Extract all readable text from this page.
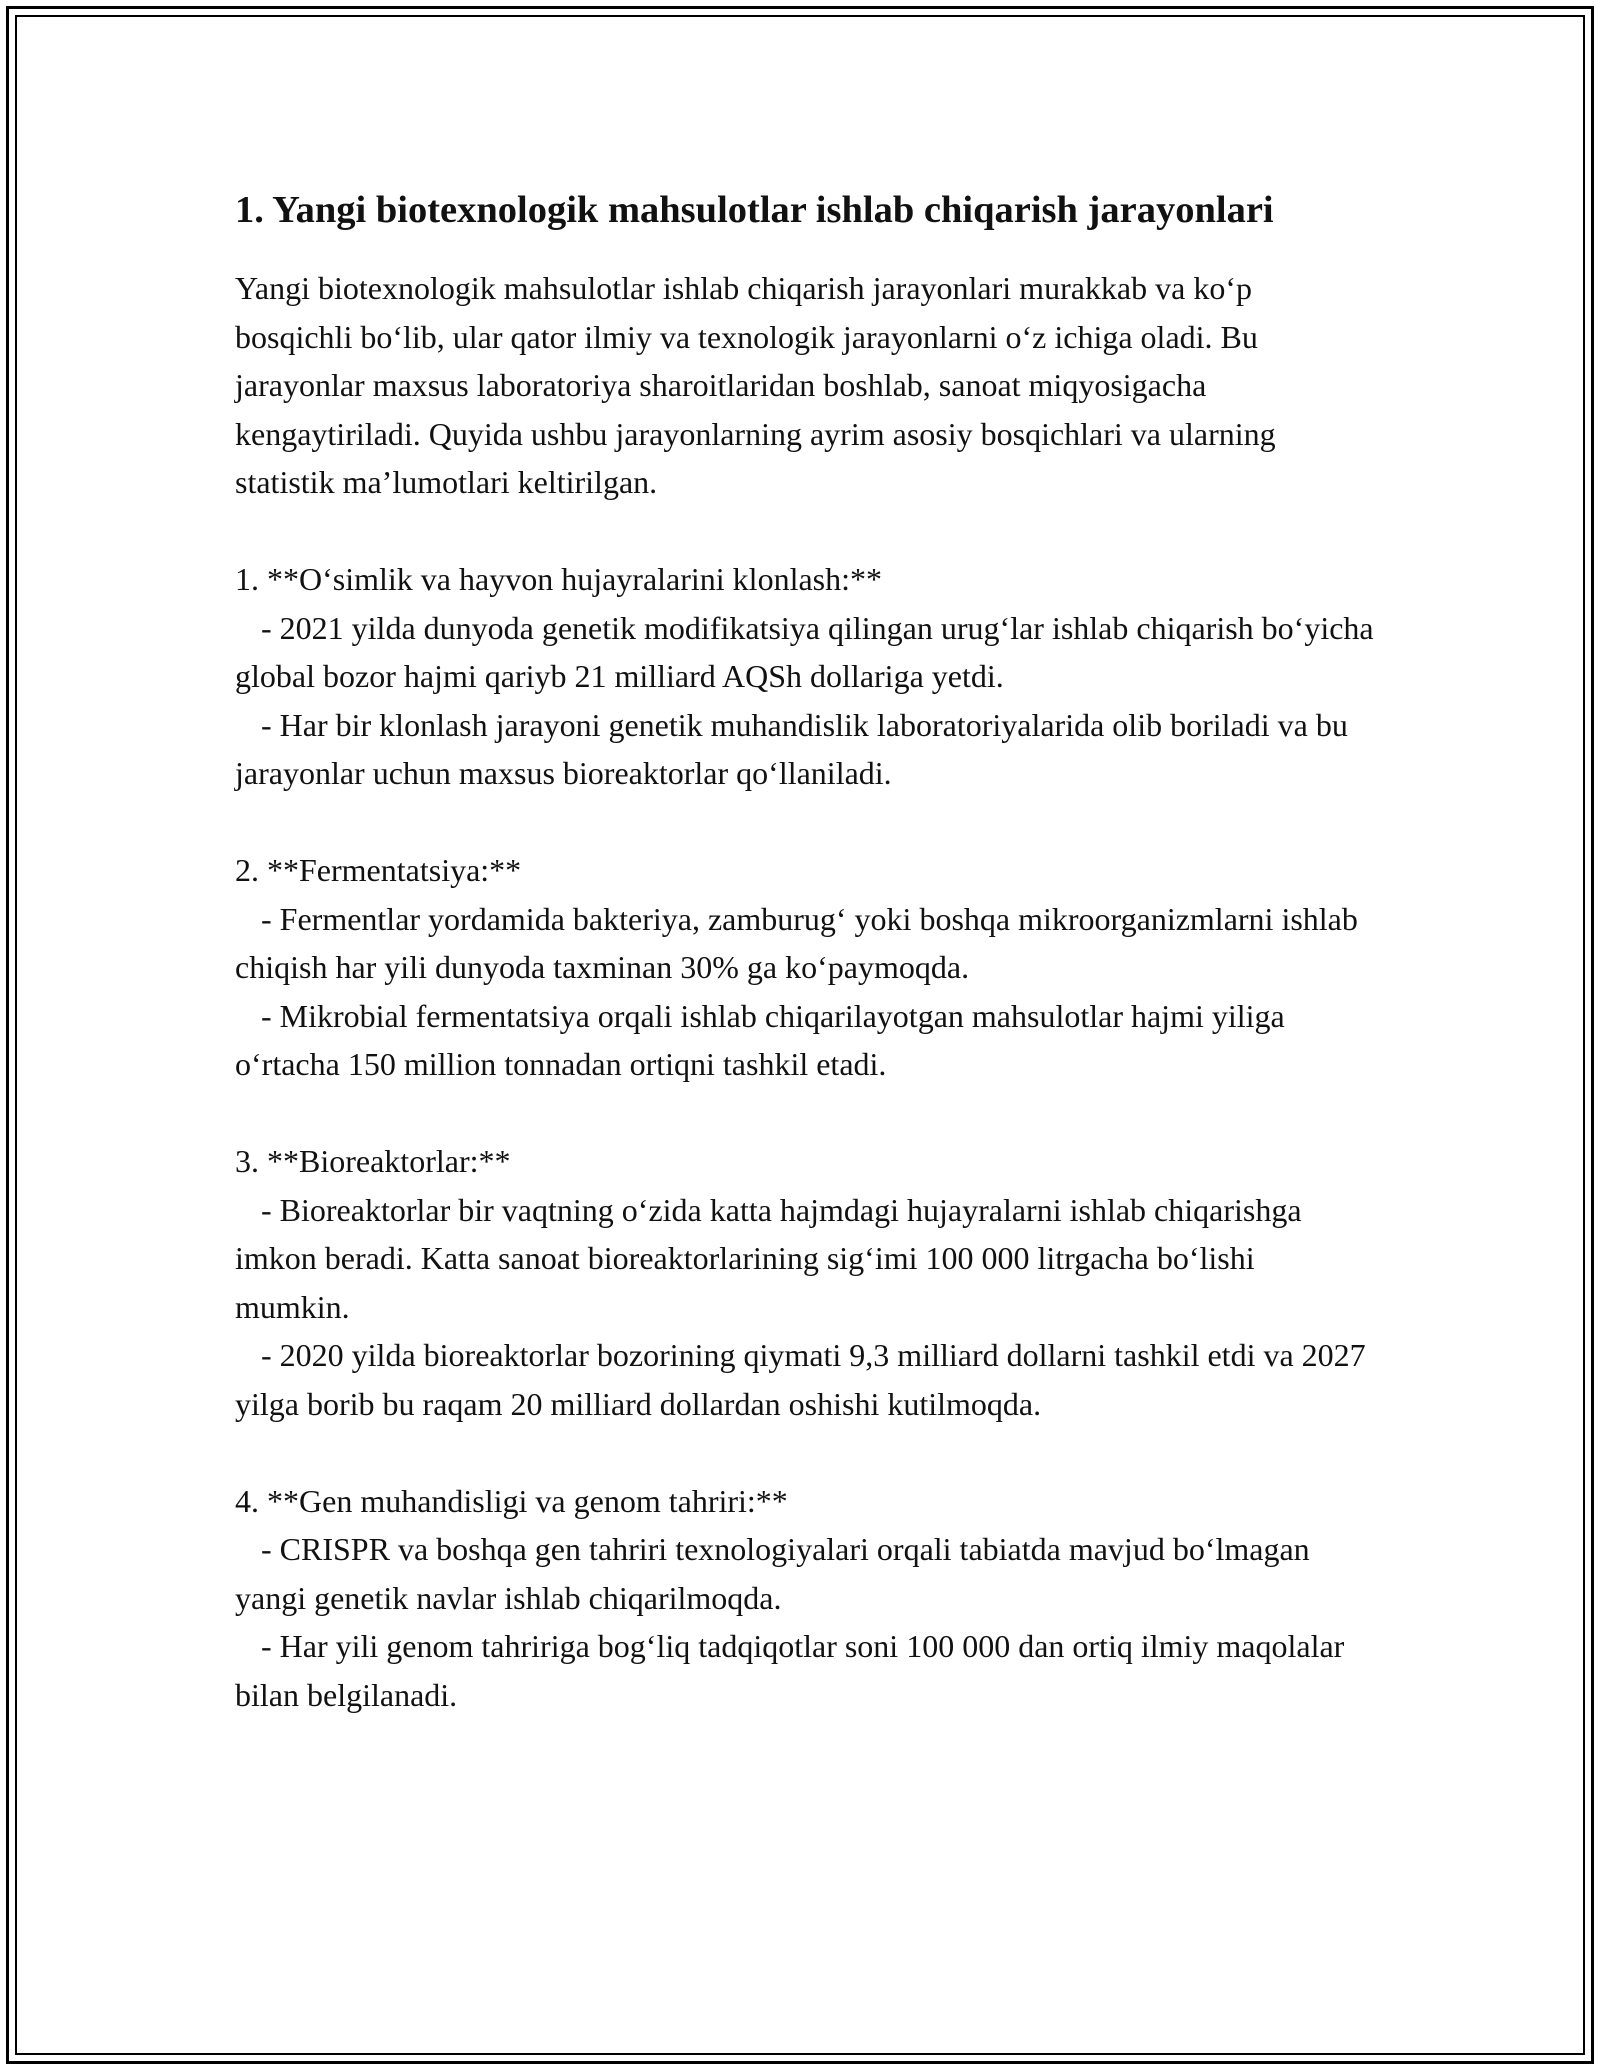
1. Yangi biotexnologik mahsulotlar ishlab chiqarish jarayonlari

Yangi biotexnologik mahsulotlar ishlab chiqarish jarayonlari murakkab va koʻp bosqichli boʻlib, ular qator ilmiy va texnologik jarayonlarni oʻz ichiga oladi. Bu jarayonlar maxsus laboratoriya sharoitlaridan boshlab, sanoat miqyosigacha kengaytiriladi. Quyida ushbu jarayonlarning ayrim asosiy bosqichlari va ularning statistik ma’lumotlari keltirilgan.

1. **Oʻsimlik va hayvon hujayralarini klonlash:**

- 2021 yilda dunyoda genetik modifikatsiya qilingan urugʻlar ishlab chiqarish boʻyicha global bozor hajmi qariyb 21 milliard AQSh dollariga yetdi.

- Har bir klonlash jarayoni genetik muhandislik laboratoriyalarida olib boriladi va bu jarayonlar uchun maxsus bioreaktorlar qoʻllaniladi.

2. **Fermentatsiya:**

- Fermentlar yordamida bakteriya, zamburugʻ yoki boshqa mikroorganizmlarni ishlab chiqish har yili dunyoda taxminan 30% ga koʻpaymoqda.

- Mikrobial fermentatsiya orqali ishlab chiqarilayotgan mahsulotlar hajmi yiliga oʻrtacha 150 million tonnadan ortiqni tashkil etadi.

3. **Bioreaktorlar:**

- Bioreaktorlar bir vaqtning oʻzida katta hajmdagi hujayralarni ishlab chiqarishga imkon beradi. Katta sanoat bioreaktorlarining sigʻimi 100 000 litrgacha boʻlishi mumkin.

- 2020 yilda bioreaktorlar bozorining qiymati 9,3 milliard dollarni tashkil etdi va 2027 yilga borib bu raqam 20 milliard dollardan oshishi kutilmoqda.

4. **Gen muhandisligi va genom tahriri:**

- CRISPR va boshqa gen tahriri texnologiyalari orqali tabiatda mavjud boʻlmagan yangi genetik navlar ishlab chiqarilmoqda.

- Har yili genom tahririga bogʻliq tadqiqotlar soni 100 000 dan ortiq ilmiy maqolalar bilan belgilanadi.
